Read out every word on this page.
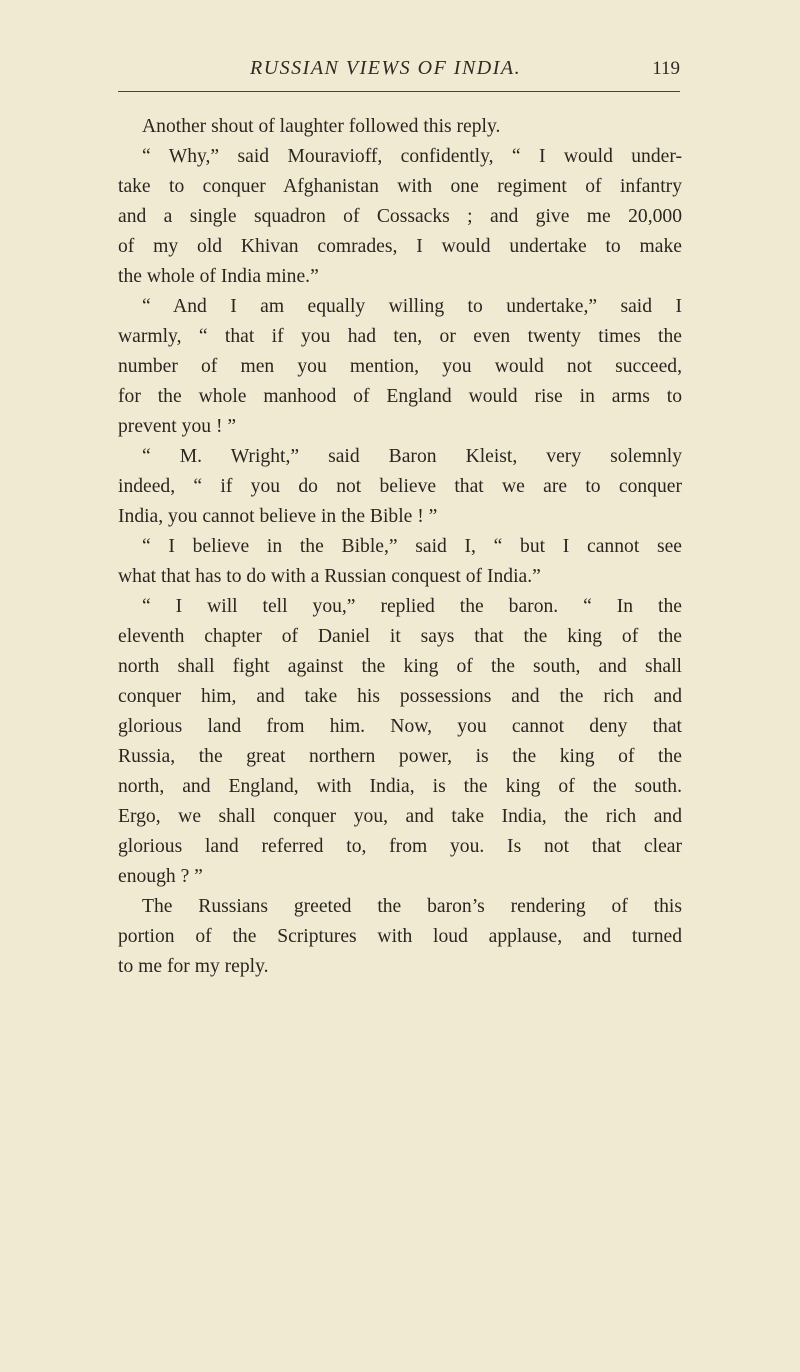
RUSSIAN VIEWS OF INDIA.	119
Another shout of laughter followed this reply.
“ Why,” said Mouravioff, confidently, “ I would under-
take to conquer Afghanistan with one regiment of infantry
and a single squadron of Cossacks ; and give me 20,000
of my old Khivan comrades, I would undertake to make
the whole of India mine.”
“ And I am equally willing to undertake,” said I
warmly, “ that if you had ten, or even twenty times the
number of men you mention, you would not succeed,
for the whole manhood of England would rise in arms to
prevent you ! ”
“ M. Wright,” said Baron Kleist, very solemnly
indeed, “ if you do not believe that we are to conquer
India, you cannot believe in the Bible ! ”
“ I believe in the Bible,” said I, “ but I cannot see
what that has to do with a Russian conquest of India.”
“ I will tell you,” replied the baron. “ In the
eleventh chapter of Daniel it says that the king of the
north shall fight against the king of the south, and shall
conquer him, and take his possessions and the rich and
glorious land from him. Now, you cannot deny that
Russia, the great northern power, is the king of the
north, and England, with India, is the king of the south.
Ergo, we shall conquer you, and take India, the rich and
glorious land referred to, from you. Is not that clear
enough ? ”
The Russians greeted the baron’s rendering of this
portion of the Scriptures with loud applause, and turned
to me for my reply.
